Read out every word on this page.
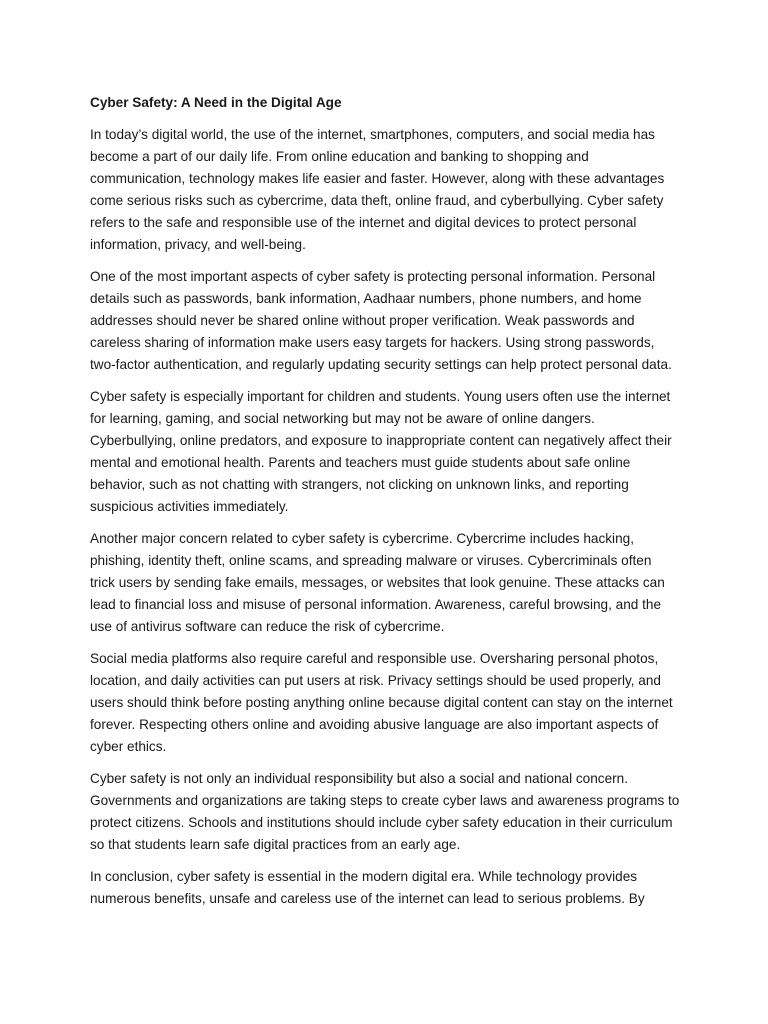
Cyber Safety: A Need in the Digital Age

In today’s digital world, the use of the internet, smartphones, computers, and social media has become a part of our daily life. From online education and banking to shopping and communication, technology makes life easier and faster. However, along with these advantages come serious risks such as cybercrime, data theft, online fraud, and cyberbullying. Cyber safety refers to the safe and responsible use of the internet and digital devices to protect personal information, privacy, and well-being.

One of the most important aspects of cyber safety is protecting personal information. Personal details such as passwords, bank information, Aadhaar numbers, phone numbers, and home addresses should never be shared online without proper verification. Weak passwords and careless sharing of information make users easy targets for hackers. Using strong passwords, two-factor authentication, and regularly updating security settings can help protect personal data.

Cyber safety is especially important for children and students. Young users often use the internet for learning, gaming, and social networking but may not be aware of online dangers. Cyberbullying, online predators, and exposure to inappropriate content can negatively affect their mental and emotional health. Parents and teachers must guide students about safe online behavior, such as not chatting with strangers, not clicking on unknown links, and reporting suspicious activities immediately.

Another major concern related to cyber safety is cybercrime. Cybercrime includes hacking, phishing, identity theft, online scams, and spreading malware or viruses. Cybercriminals often trick users by sending fake emails, messages, or websites that look genuine. These attacks can lead to financial loss and misuse of personal information. Awareness, careful browsing, and the use of antivirus software can reduce the risk of cybercrime.

Social media platforms also require careful and responsible use. Oversharing personal photos, location, and daily activities can put users at risk. Privacy settings should be used properly, and users should think before posting anything online because digital content can stay on the internet forever. Respecting others online and avoiding abusive language are also important aspects of cyber ethics.

Cyber safety is not only an individual responsibility but also a social and national concern. Governments and organizations are taking steps to create cyber laws and awareness programs to protect citizens. Schools and institutions should include cyber safety education in their curriculum so that students learn safe digital practices from an early age.

In conclusion, cyber safety is essential in the modern digital era. While technology provides numerous benefits, unsafe and careless use of the internet can lead to serious problems. By
